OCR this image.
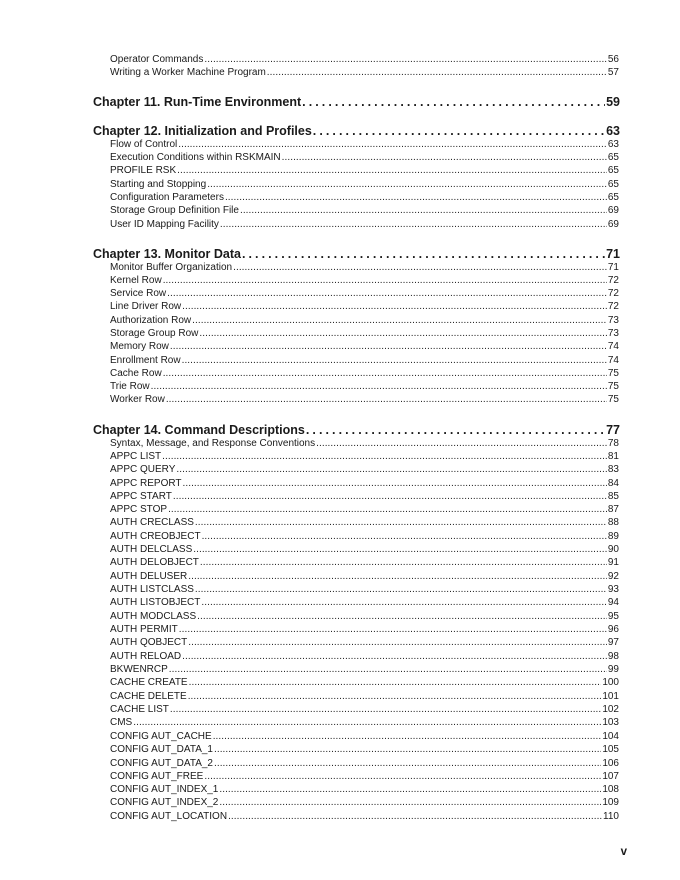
Operator Commands . . .	56
Writing a Worker Machine Program . . .	57
Chapter 11. Run-Time Environment . . .	59
Chapter 12. Initialization and Profiles . . .	63
Flow of Control . . .	63
Execution Conditions within RSKMAIN . . .	65
PROFILE RSK . . .	65
Starting and Stopping . . .	65
Configuration Parameters . . .	65
Storage Group Definition File . . .	69
User ID Mapping Facility . . .	69
Chapter 13. Monitor Data . . .	71
Monitor Buffer Organization . . .	71
Kernel Row . . .	72
Service Row . . .	72
Line Driver Row . . .	72
Authorization Row . . .	73
Storage Group Row . . .	73
Memory Row . . .	74
Enrollment Row . . .	74
Cache Row . . .	75
Trie Row . . .	75
Worker Row . . .	75
Chapter 14. Command Descriptions . . .	77
Syntax, Message, and Response Conventions . . .	78
APPC LIST . . .	81
APPC QUERY . . .	83
APPC REPORT . . .	84
APPC START . . .	85
APPC STOP . . .	87
AUTH CRECLASS . . .	88
AUTH CREOBJECT . . .	89
AUTH DELCLASS . . .	90
AUTH DELOBJECT . . .	91
AUTH DELUSER . . .	92
AUTH LISTCLASS . . .	93
AUTH LISTOBJECT . . .	94
AUTH MODCLASS . . .	95
AUTH PERMIT . . .	96
AUTH QOBJECT . . .	97
AUTH RELOAD . . .	98
BKWENRCP . . .	99
CACHE CREATE . . .	100
CACHE DELETE . . .	101
CACHE LIST . . .	102
CMS . . .	103
CONFIG AUT_CACHE . . .	104
CONFIG AUT_DATA_1 . . .	105
CONFIG AUT_DATA_2 . . .	106
CONFIG AUT_FREE . . .	107
CONFIG AUT_INDEX_1 . . .	108
CONFIG AUT_INDEX_2 . . .	109
CONFIG AUT_LOCATION . . .	110
v
